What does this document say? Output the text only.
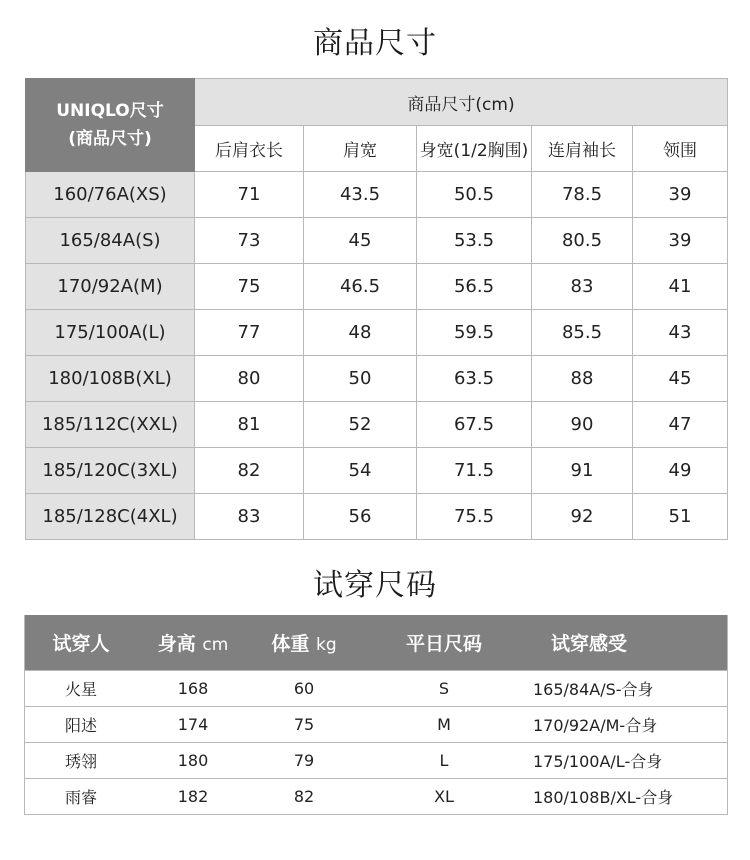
商品尺寸
UNIQLO尺寸
(商品尺寸)	商品尺寸(cm)				
	后肩衣长	肩宽	身宽(1/2胸围)	连肩袖长	领围
160/76A(XS)	71	43.5	50.5	78.5	39
165/84A(S)	73	45	53.5	80.5	39
170/92A(M)	75	46.5	56.5	83	41
175/100A(L)	77	48	59.5	85.5	43
180/108B(XL)	80	50	63.5	88	45
185/112C(XXL)	81	52	67.5	90	47
185/120C(3XL)	82	54	71.5	91	49
185/128C(4XL)	83	56	75.5	92	51
试穿尺码
试穿人	身高 cm	体重 kg	平日尺码	试穿感受
火星	168	60	S	165/84A/S-合身
阳述	174	75	M	170/92A/M-合身
琇翎	180	79	L	175/100A/L-合身
雨睿	182	82	XL	180/108B/XL-合身
